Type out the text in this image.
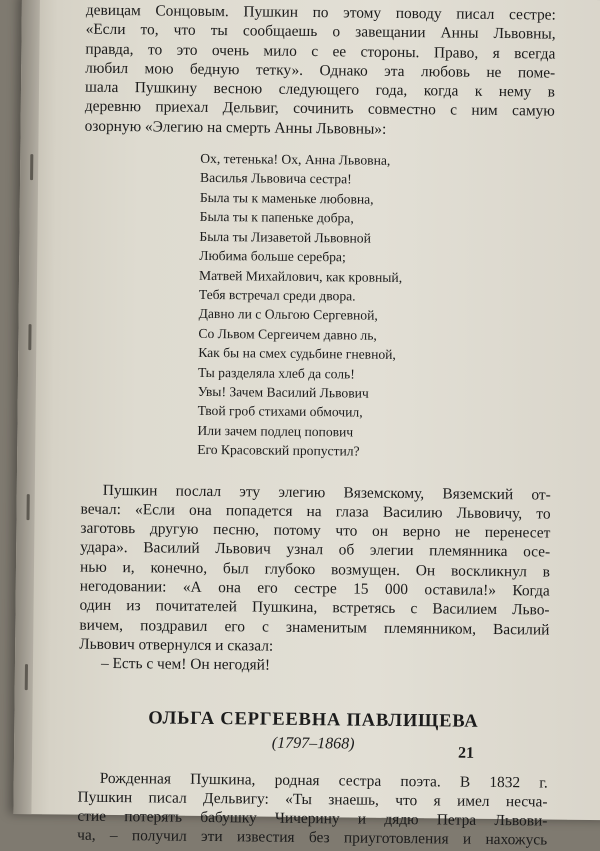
девицам Сонцовым. Пушкин по этому поводу писал сестре:
«Если то, что ты сообщаешь о завещании Анны Львовны,
правда, то это очень мило с ее стороны. Право, я всегда
любил мою бедную тетку». Однако эта любовь не поме-
шала Пушкину весною следующего года, когда к нему в
деревню приехал Дельвиг, сочинить совместно с ним самую
озорную «Элегию на смерть Анны Львовны»:

Ох, тетенька! Ох, Анна Львовна,
Василья Львовича сестра!
Была ты к маменьке любовна,
Была ты к папеньке добра,
Была ты Лизаветой Львовной
Любима больше серебра;
Матвей Михайлович, как кровный,
Тебя встречал среди двора.
Давно ли с Ольгою Сергевной,
Со Львом Сергеичем давно ль,
Как бы на смех судьбине гневной,
Ты разделяла хлеб да соль!
Увы! Зачем Василий Львович
Твой гроб стихами обмочил,
Или зачем подлец попович
Его Красовский пропустил?

Пушкин послал эту элегию Вяземскому, Вяземский от-
вечал: «Если она попадется на глаза Василию Львовичу, то
заготовь другую песню, потому что он верно не перенесет
удара». Василий Львович узнал об элегии племянника осе-
нью и, конечно, был глубоко возмущен. Он воскликнул в
негодовании: «А она его сестре 15 000 оставила!» Когда
один из почитателей Пушкина, встретясь с Василием Льво-
вичем, поздравил его с знаменитым племянником, Василий
Львович отвернулся и сказал:
– Есть с чем! Он негодяй!

ОЛЬГА СЕРГЕЕВНА ПАВЛИЩЕВА

(1797–1868)

Рожденная Пушкина, родная сестра поэта. В 1832 г.
Пушкин писал Дельвигу: «Ты знаешь, что я имел несча-
стие потерять бабушку Чичерину и дядю Петра Львови-
ча, – получил эти известия без приуготовления и нахожусь

21
